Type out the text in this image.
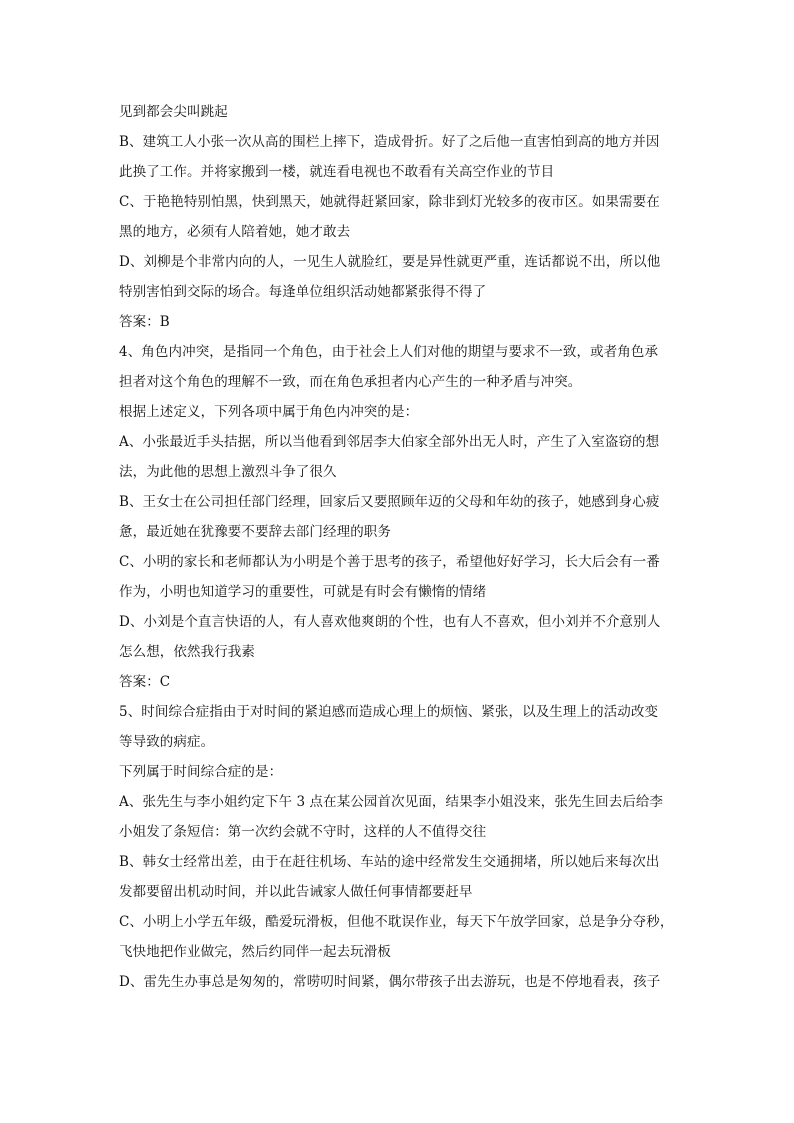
见到都会尖叫跳起
B、建筑工人小张一次从高的围栏上摔下，造成骨折。好了之后他一直害怕到高的地方并因
此换了工作。并将家搬到一楼，就连看电视也不敢看有关高空作业的节目
C、于艳艳特别怕黑，快到黑天，她就得赶紧回家，除非到灯光较多的夜市区。如果需要在
黑的地方，必须有人陪着她，她才敢去
D、刘柳是个非常内向的人，一见生人就脸红，要是异性就更严重，连话都说不出，所以他
特别害怕到交际的场合。每逢单位组织活动她都紧张得不得了
答案：B
4、角色内冲突，是指同一个角色，由于社会上人们对他的期望与要求不一致，或者角色承
担者对这个角色的理解不一致，而在角色承担者内心产生的一种矛盾与冲突。
根据上述定义，下列各项中属于角色内冲突的是：
A、小张最近手头拮据，所以当他看到邻居李大伯家全部外出无人时，产生了入室盗窃的想
法，为此他的思想上激烈斗争了很久
B、王女士在公司担任部门经理，回家后又要照顾年迈的父母和年幼的孩子，她感到身心疲
惫，最近她在犹豫要不要辞去部门经理的职务
C、小明的家长和老师都认为小明是个善于思考的孩子，希望他好好学习，长大后会有一番
作为，小明也知道学习的重要性，可就是有时会有懒惰的情绪
D、小刘是个直言快语的人，有人喜欢他爽朗的个性，也有人不喜欢，但小刘并不介意别人
怎么想，依然我行我素
答案：C
5、时间综合症指由于对时间的紧迫感而造成心理上的烦恼、紧张，以及生理上的活动改变
等导致的病症。
下列属于时间综合症的是：
A、张先生与李小姐约定下午 3 点在某公园首次见面，结果李小姐没来，张先生回去后给李
小姐发了条短信：第一次约会就不守时，这样的人不值得交往
B、韩女士经常出差，由于在赶往机场、车站的途中经常发生交通拥堵，所以她后来每次出
发都要留出机动时间，并以此告诫家人做任何事情都要赶早
C、小明上小学五年级，酷爱玩滑板，但他不耽误作业，每天下午放学回家，总是争分夺秒，
飞快地把作业做完，然后约同伴一起去玩滑板
D、雷先生办事总是匆匆的，常唠叨时间紧，偶尔带孩子出去游玩，也是不停地看表，孩子
